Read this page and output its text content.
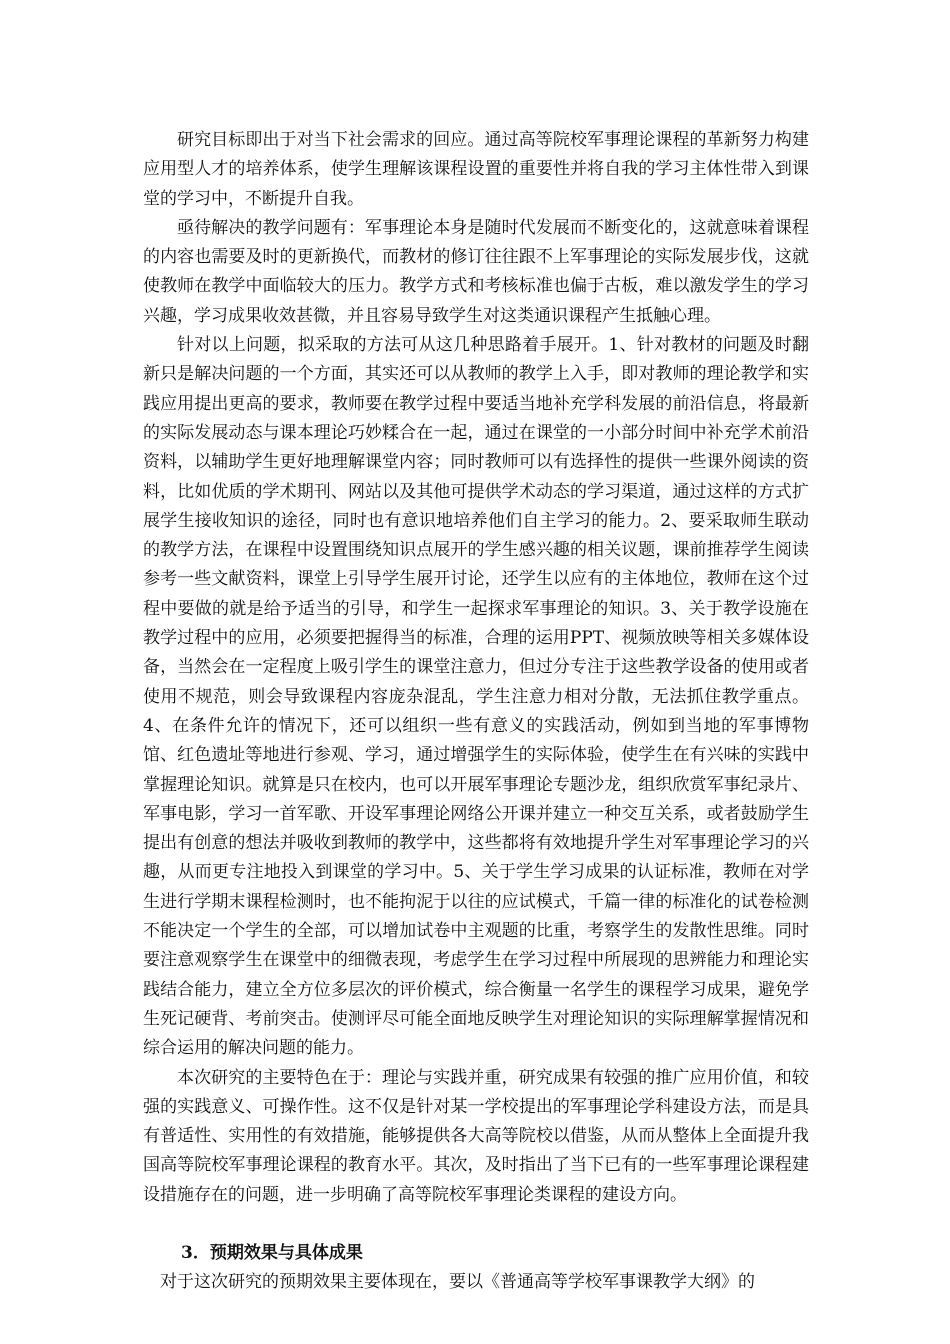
研究目标即出于对当下社会需求的回应。通过高等院校军事理论课程的革新努力构建应用型人才的培养体系，使学生理解该课程设置的重要性并将自我的学习主体性带入到课堂的学习中，不断提升自我。

亟待解决的教学问题有：军事理论本身是随时代发展而不断变化的，这就意味着课程的内容也需要及时的更新换代，而教材的修订往往跟不上军事理论的实际发展步伐，这就使教师在教学中面临较大的压力。教学方式和考核标准也偏于古板，难以激发学生的学习兴趣，学习成果收效甚微，并且容易导致学生对这类通识课程产生抵触心理。

针对以上问题，拟采取的方法可从这几种思路着手展开。1、针对教材的问题及时翻新只是解决问题的一个方面，其实还可以从教师的教学上入手，即对教师的理论教学和实践应用提出更高的要求，教师要在教学过程中要适当地补充学科发展的前沿信息，将最新的实际发展动态与课本理论巧妙糅合在一起，通过在课堂的一小部分时间中补充学术前沿资料，以辅助学生更好地理解课堂内容；同时教师可以有选择性的提供一些课外阅读的资料，比如优质的学术期刊、网站以及其他可提供学术动态的学习渠道，通过这样的方式扩展学生接收知识的途径，同时也有意识地培养他们自主学习的能力。2、要采取师生联动的教学方法，在课程中设置围绕知识点展开的学生感兴趣的相关议题，课前推荐学生阅读参考一些文献资料，课堂上引导学生展开讨论，还学生以应有的主体地位，教师在这个过程中要做的就是给予适当的引导，和学生一起探求军事理论的知识。3、关于教学设施在教学过程中的应用，必须要把握得当的标准，合理的运用PPT、视频放映等相关多媒体设备，当然会在一定程度上吸引学生的课堂注意力，但过分专注于这些教学设备的使用或者使用不规范，则会导致课程内容庞杂混乱，学生注意力相对分散，无法抓住教学重点。4、在条件允许的情况下，还可以组织一些有意义的实践活动，例如到当地的军事博物馆、红色遗址等地进行参观、学习，通过增强学生的实际体验，使学生在有兴味的实践中掌握理论知识。就算是只在校内，也可以开展军事理论专题沙龙，组织欣赏军事纪录片、军事电影，学习一首军歌、开设军事理论网络公开课并建立一种交互关系，或者鼓励学生提出有创意的想法并吸收到教师的教学中，这些都将有效地提升学生对军事理论学习的兴趣，从而更专注地投入到课堂的学习中。5、关于学生学习成果的认证标准，教师在对学生进行学期末课程检测时，也不能拘泥于以往的应试模式，千篇一律的标准化的试卷检测不能决定一个学生的全部，可以增加试卷中主观题的比重，考察学生的发散性思维。同时要注意观察学生在课堂中的细微表现，考虑学生在学习过程中所展现的思辨能力和理论实践结合能力，建立全方位多层次的评价模式，综合衡量一名学生的课程学习成果，避免学生死记硬背、考前突击。使测评尽可能全面地反映学生对理论知识的实际理解掌握情况和综合运用的解决问题的能力。

本次研究的主要特色在于：理论与实践并重，研究成果有较强的推广应用价值，和较强的实践意义、可操作性。这不仅是针对某一学校提出的军事理论学科建设方法，而是具有普适性、实用性的有效措施，能够提供各大高等院校以借鉴，从而从整体上全面提升我国高等院校军事理论课程的教育水平。其次，及时指出了当下已有的一些军事理论课程建设措施存在的问题，进一步明确了高等院校军事理论类课程的建设方向。

3．预期效果与具体成果

对于这次研究的预期效果主要体现在，要以《普通高等学校军事课教学大纲》的
